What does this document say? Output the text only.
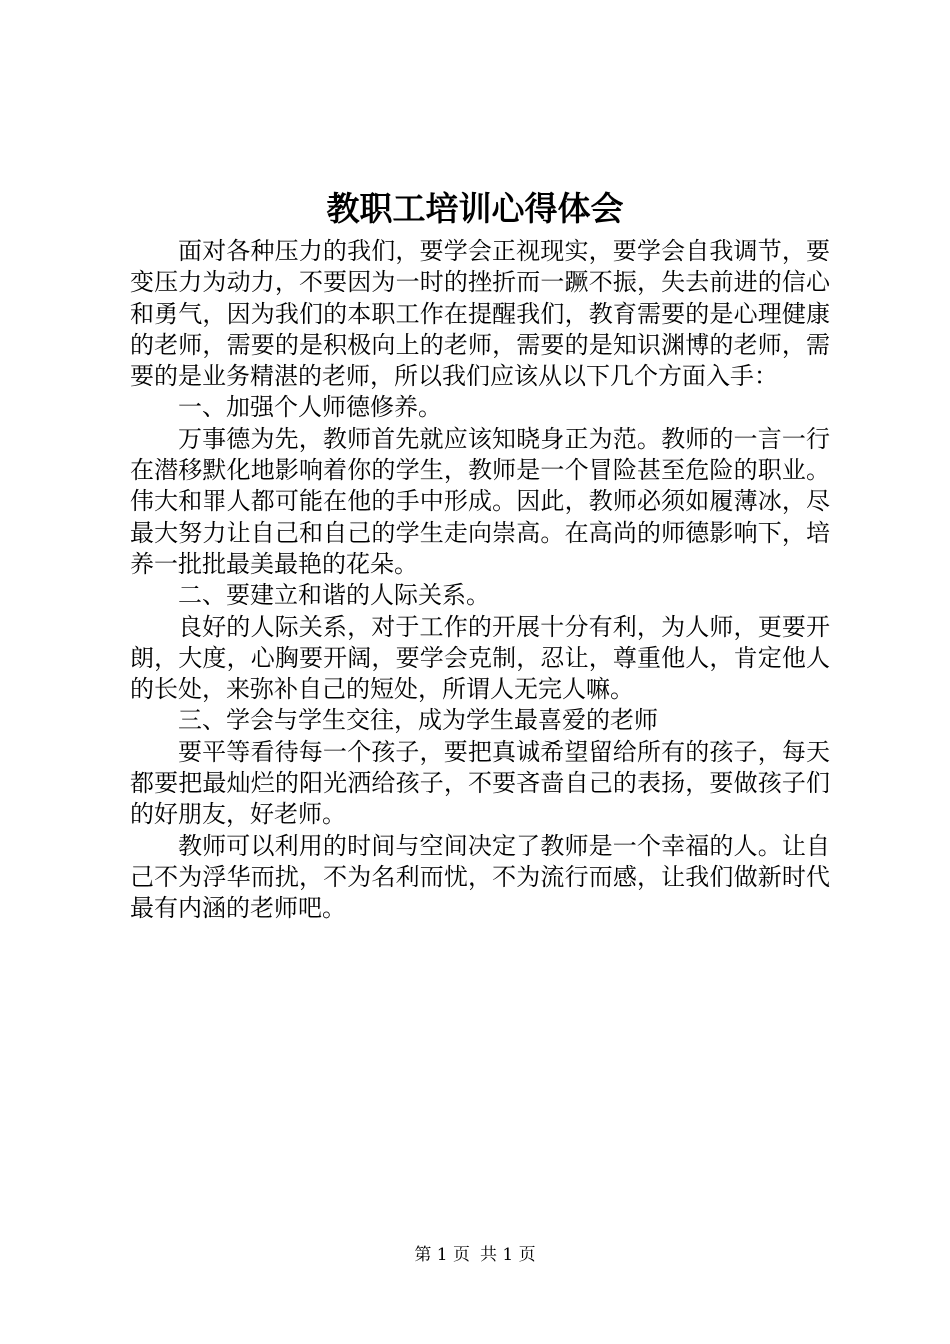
教职工培训心得体会

面对各种压力的我们，要学会正视现实，要学会自我调节，要变压力为动力，不要因为一时的挫折而一蹶不振，失去前进的信心和勇气，因为我们的本职工作在提醒我们，教育需要的是心理健康的老师，需要的是积极向上的老师，需要的是知识渊博的老师，需要的是业务精湛的老师，所以我们应该从以下几个方面入手：

一、加强个人师德修养。

万事德为先，教师首先就应该知晓身正为范。教师的一言一行在潜移默化地影响着你的学生，教师是一个冒险甚至危险的职业。伟大和罪人都可能在他的手中形成。因此，教师必须如履薄冰，尽最大努力让自己和自己的学生走向崇高。在高尚的师德影响下，培养一批批最美最艳的花朵。

二、要建立和谐的人际关系。

良好的人际关系，对于工作的开展十分有利，为人师，更要开朗，大度，心胸要开阔，要学会克制，忍让，尊重他人，肯定他人的长处，来弥补自己的短处，所谓人无完人嘛。

三、学会与学生交往，成为学生最喜爱的老师

要平等看待每一个孩子，要把真诚希望留给所有的孩子，每天都要把最灿烂的阳光洒给孩子，不要吝啬自己的表扬，要做孩子们的好朋友，好老师。

教师可以利用的时间与空间决定了教师是一个幸福的人。让自己不为浮华而扰，不为名利而忧，不为流行而感，让我们做新时代最有内涵的老师吧。

第 1 页 共 1 页
